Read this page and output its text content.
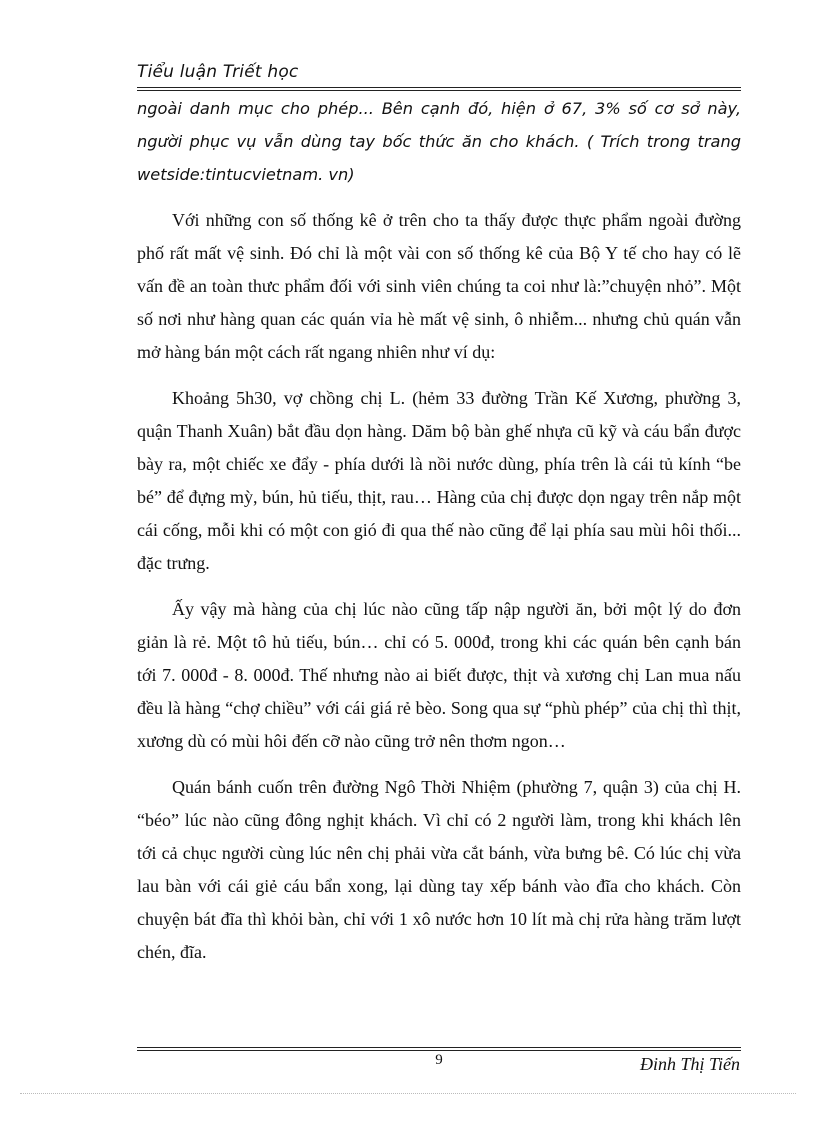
Tiểu luận Triết học

ngoài danh mục cho phép... Bên cạnh đó, hiện ở 67, 3% số cơ sở này, người phục vụ vẫn dùng tay bốc thức ăn cho khách. ( Trích trong trang wetside:tintucvietnam. vn)

Với những con số thống kê ở trên cho ta thấy được thực phẩm ngoài đường phố rất mất vệ sinh. Đó chỉ là một vài con số thống kê của Bộ Y tế cho hay có lẽ vấn đề an toàn thưc phẩm đối với sinh viên chúng ta coi như là:”chuyện nhỏ”. Một số nơi như hàng quan các quán vỉa hè mất vệ sinh, ô nhiễm... nhưng chủ quán vẫn mở hàng bán một cách rất ngang nhiên như ví dụ:

Khoảng 5h30, vợ chồng chị L. (hẻm 33 đường Trần Kế Xương, phường 3, quận Thanh Xuân) bắt đầu dọn hàng. Dăm bộ bàn ghế nhựa cũ kỹ và cáu bẩn được bày ra, một chiếc xe đẩy - phía dưới là nồi nước dùng, phía trên là cái tủ kính “be bé” để đựng mỳ, bún, hủ tiếu, thịt, rau… Hàng của chị được dọn ngay trên nắp một cái cống, mỗi khi có một con gió đi qua thế nào cũng để lại phía sau mùi hôi thối... đặc trưng.

Ấy vậy mà hàng của chị lúc nào cũng tấp nập người ăn, bởi một lý do đơn giản là rẻ. Một tô hủ tiếu, bún… chỉ có 5. 000đ, trong khi các quán bên cạnh bán tới 7. 000đ - 8. 000đ. Thế nhưng nào ai biết được, thịt và xương chị Lan mua nấu đều là hàng “chợ chiều” với cái giá rẻ bèo. Song qua sự “phù phép” của chị thì thịt, xương dù có mùi hôi đến cỡ nào cũng trở nên thơm ngon…

Quán bánh cuốn trên đường Ngô Thời Nhiệm (phường 7, quận 3) của chị H. “béo” lúc nào cũng đông nghịt khách. Vì chỉ có 2 người làm, trong khi khách lên tới cả chục người cùng lúc nên chị phải vừa cắt bánh, vừa bưng bê. Có lúc chị vừa lau bàn với cái giẻ cáu bẩn xong, lại dùng tay xếp bánh vào đĩa cho khách. Còn chuyện bát đĩa thì khỏi bàn, chỉ với 1 xô nước hơn 10 lít mà chị rửa hàng trăm lượt chén, đĩa.

9	Đinh Thị Tiến
